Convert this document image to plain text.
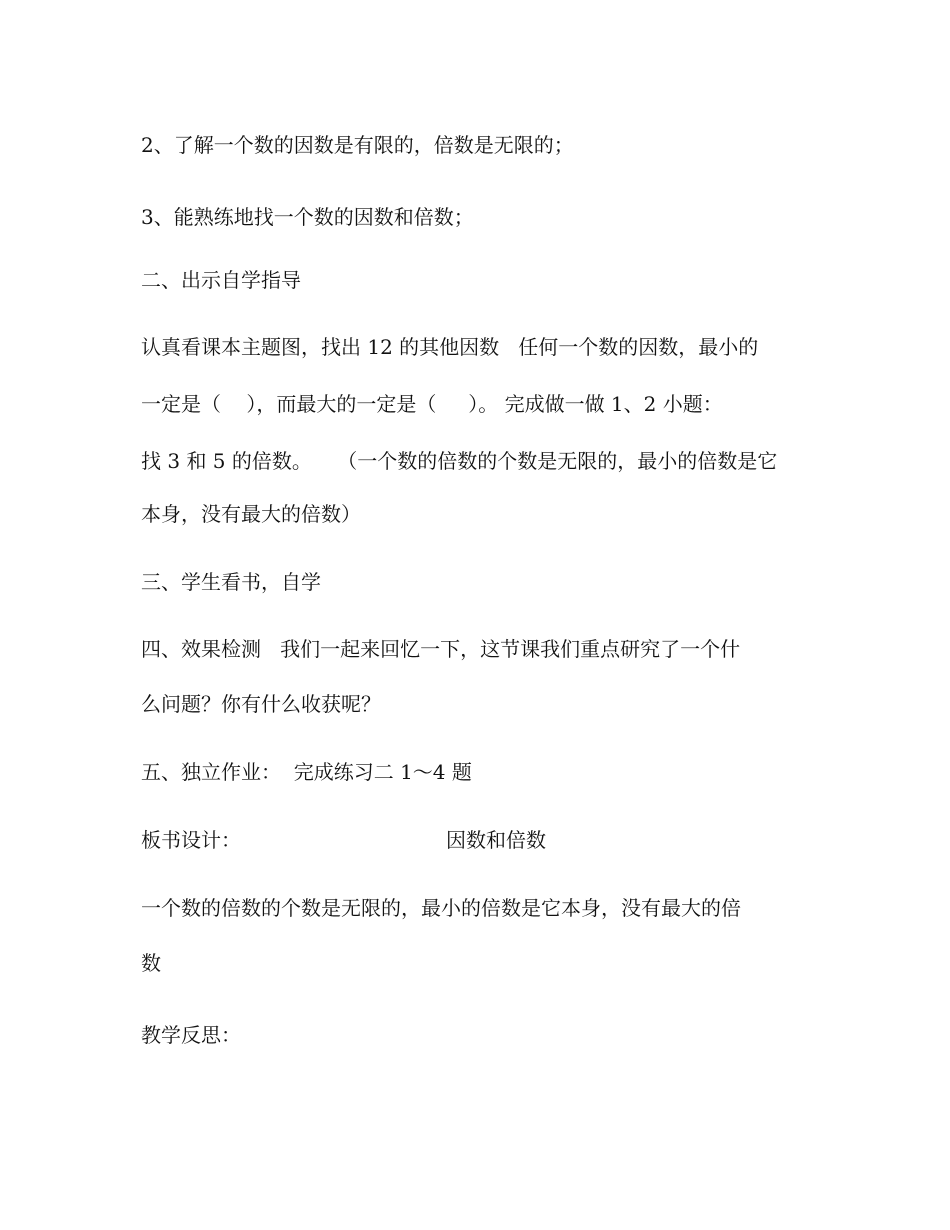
2、了解一个数的因数是有限的，倍数是无限的；
3、能熟练地找一个数的因数和倍数；
二、出示自学指导
认真看课本主题图，找出 12 的其他因数   任何一个数的因数，最小的
一定是（    ），而最大的一定是（     ）。 完成做一做 1、2 小题：
找 3 和 5 的倍数。    （一个数的倍数的个数是无限的，最小的倍数是它
本身，没有最大的倍数）
三、学生看书，自学
四、效果检测   我们一起来回忆一下，这节课我们重点研究了一个什
么问题？你有什么收获呢？
五、独立作业：  完成练习二 1～4 题
板书设计：	因数和倍数
一个数的倍数的个数是无限的，最小的倍数是它本身，没有最大的倍
数
教学反思：
